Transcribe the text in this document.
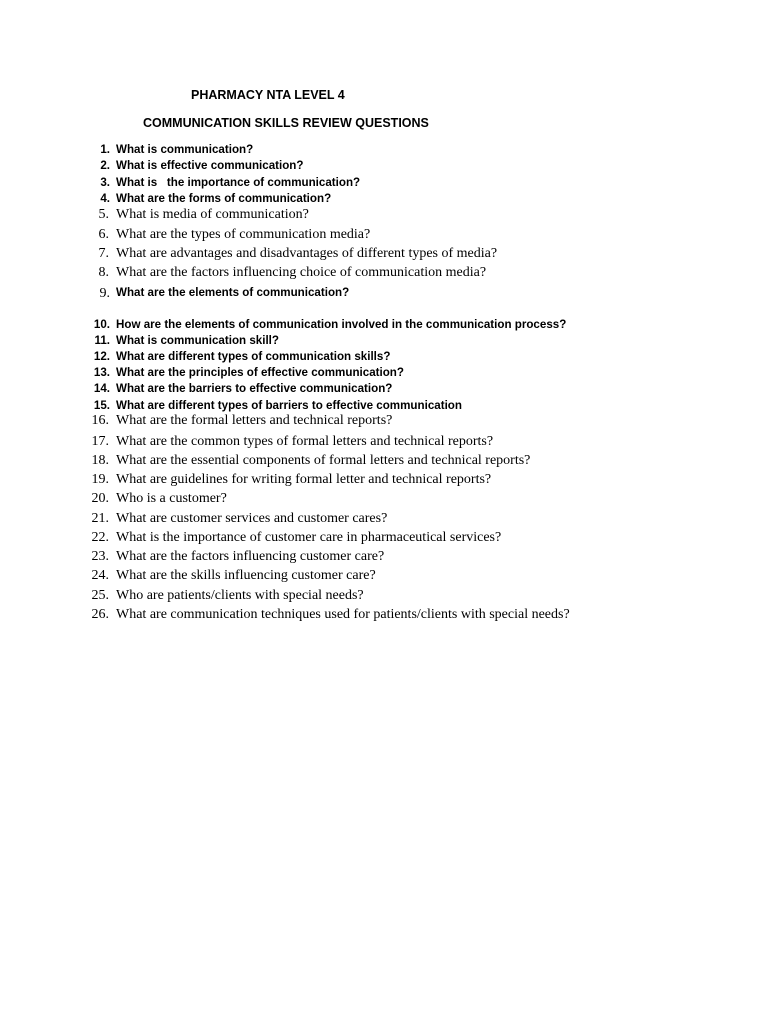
PHARMACY NTA LEVEL 4
COMMUNICATION SKILLS REVIEW QUESTIONS
1. What is communication?
2. What is effective communication?
3. What is   the importance of communication?
4. What are the forms of communication?
5. What is media of communication?
6. What are the types of communication media?
7. What are advantages and disadvantages of different types of media?
8. What are the factors influencing choice of communication media?
9. What are the elements of communication?
10. How are the elements of communication involved in the communication process?
11. What is communication skill?
12. What are different types of communication skills?
13. What are the principles of effective communication?
14. What are the barriers to effective communication?
15. What are different types of barriers to effective communication
16. What are the formal letters and technical reports?
17. What are the common types of formal letters and technical reports?
18. What are the essential components of formal letters and technical reports?
19. What are guidelines for writing formal letter and technical reports?
20. Who is a customer?
21. What are customer services and customer cares?
22. What is the importance of customer care in pharmaceutical services?
23. What are the factors influencing customer care?
24. What are the skills influencing customer care?
25. Who are patients/clients with special needs?
26. What are communication techniques used for patients/clients with special needs?
